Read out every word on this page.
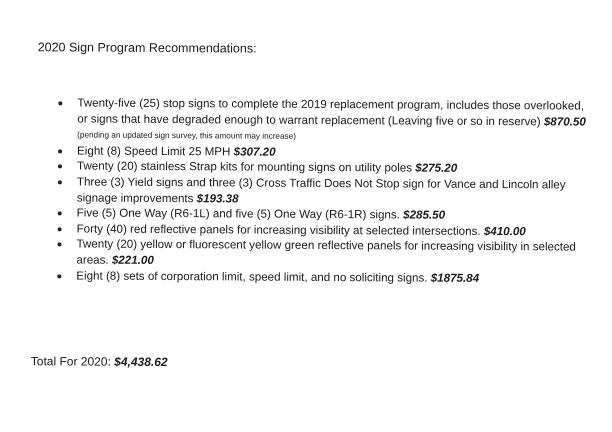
2020 Sign Program Recommendations:
Twenty-five (25) stop signs to complete the 2019 replacement program, includes those overlooked, or signs that have degraded enough to warrant replacement (Leaving five or so in reserve) $870.50 (pending an updated sign survey, this amount may increase)
Eight (8) Speed Limit 25 MPH $307.20
Twenty (20) stainless Strap kits for mounting signs on utility poles $275.20
Three (3) Yield signs and three (3) Cross Traffic Does Not Stop sign for Vance and Lincoln alley signage improvements $193.38
Five (5) One Way (R6-1L) and five (5) One Way (R6-1R) signs. $285.50
Forty (40) red reflective panels for increasing visibility at selected intersections. $410.00
Twenty (20) yellow or fluorescent yellow green reflective panels for increasing visibility in selected areas. $221.00
Eight (8) sets of corporation limit, speed limit, and no soliciting signs. $1875.84
Total For 2020: $4,438.62
